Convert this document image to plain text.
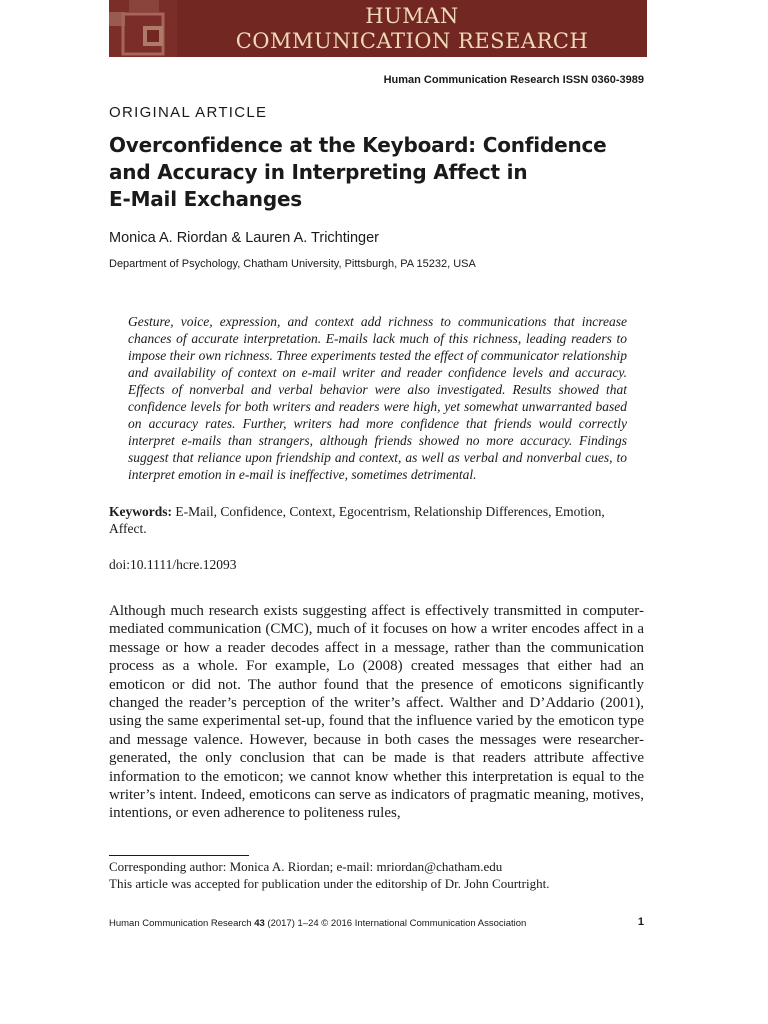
HUMAN
COMMUNICATION RESEARCH
Human Communication Research ISSN 0360-3989
ORIGINAL ARTICLE
Overconfidence at the Keyboard: Confidence
and Accuracy in Interpreting Affect in
E-Mail Exchanges
Monica A. Riordan & Lauren A. Trichtinger
Department of Psychology, Chatham University, Pittsburgh, PA 15232, USA
Gesture, voice, expression, and context add richness to communications that increase chances of accurate interpretation. E-mails lack much of this richness, leading readers to impose their own richness. Three experiments tested the effect of communicator relationship and availability of context on e-mail writer and reader confidence levels and accuracy. Effects of nonverbal and verbal behavior were also investigated. Results showed that confidence levels for both writers and readers were high, yet somewhat unwarranted based on accuracy rates. Further, writers had more confidence that friends would correctly interpret e-mails than strangers, although friends showed no more accuracy. Findings suggest that reliance upon friendship and context, as well as verbal and nonverbal cues, to interpret emotion in e-mail is ineffective, sometimes detrimental.
Keywords: E-Mail, Confidence, Context, Egocentrism, Relationship Differences, Emotion, Affect.
doi:10.1111/hcre.12093
Although much research exists suggesting affect is effectively transmitted in computer-mediated communication (CMC), much of it focuses on how a writer encodes affect in a message or how a reader decodes affect in a message, rather than the communication process as a whole. For example, Lo (2008) created messages that either had an emoticon or did not. The author found that the presence of emoticons significantly changed the reader’s perception of the writer’s affect. Walther and D’Addario (2001), using the same experimental set-up, found that the influence varied by the emoticon type and message valence. However, because in both cases the messages were researcher-generated, the only conclusion that can be made is that readers attribute affective information to the emoticon; we cannot know whether this interpretation is equal to the writer’s intent. Indeed, emoticons can serve as indicators of pragmatic meaning, motives, intentions, or even adherence to politeness rules,
Corresponding author: Monica A. Riordan; e-mail: mriordan@chatham.edu
This article was accepted for publication under the editorship of Dr. John Courtright.
Human Communication Research 43 (2017) 1–24 © 2016 International Communication Association	1
